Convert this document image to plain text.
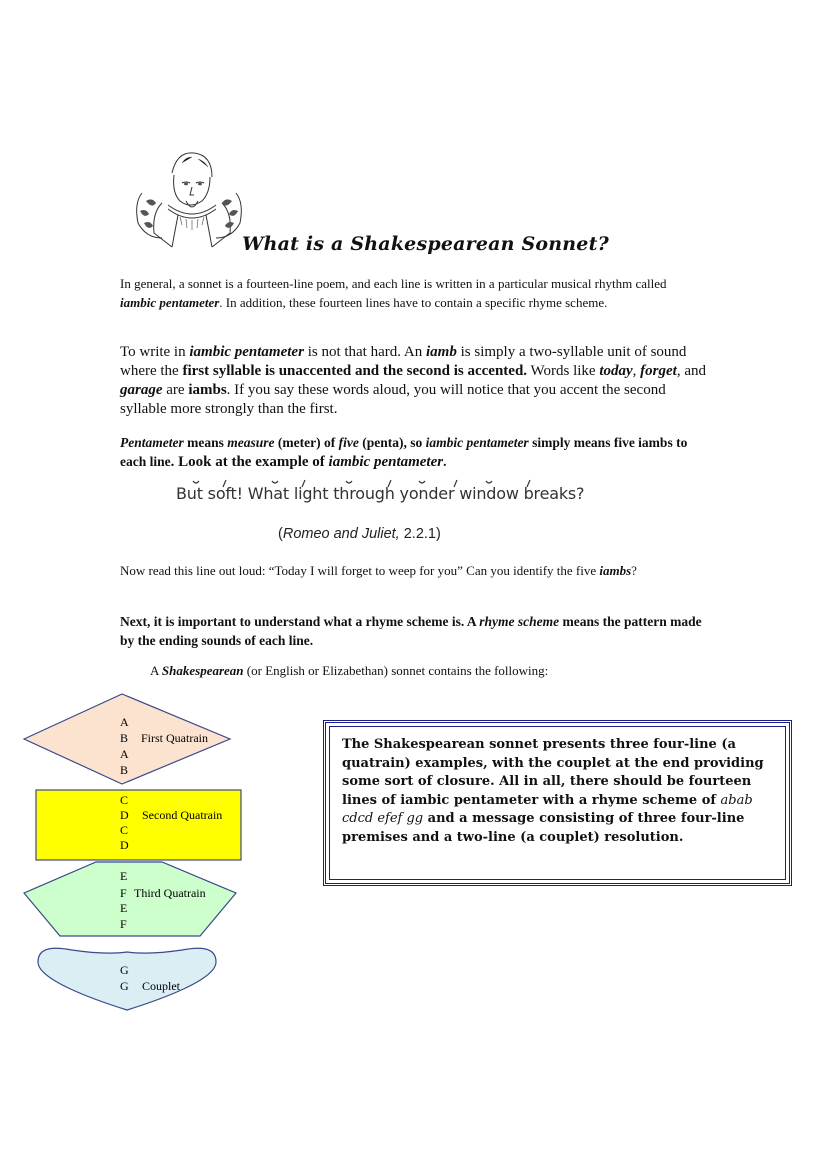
What is a Shakespearean Sonnet?

In general, a sonnet is a fourteen-line poem, and each line is written in a particular musical rhythm called iambic pentameter. In addition, these fourteen lines have to contain a specific rhyme scheme.

To write in iambic pentameter is not that hard. An iamb is simply a two-syllable unit of sound where the first syllable is unaccented and the second is accented. Words like today, forget, and garage are iambs. If you say these words aloud, you will notice that you accent the second syllable more strongly than the first.

Pentameter means measure (meter) of five (penta), so iambic pentameter simply means five iambs to each line. Look at the example of iambic pentameter.

But soft! What light through yonder window breaks?
(Romeo and Juliet, 2.2.1)

Now read this line out loud: “Today I will forget to weep for you” Can you identify the five iambs?

Next, it is important to understand what a rhyme scheme is. A rhyme scheme means the pattern made by the ending sounds of each line.

A Shakespearean (or English or Elizabethan) sonnet contains the following:

A
B
A
B
First Quatrain
C
D
C
D
Second Quatrain
E
F
E
F
Third Quatrain
G
G Couplet

The Shakespearean sonnet presents three four-line (a quatrain) examples, with the couplet at the end providing some sort of closure. All in all, there should be fourteen lines of iambic pentameter with a rhyme scheme of abab cdcd efef gg and a message consisting of three four-line premises and a two-line (a couplet) resolution.
